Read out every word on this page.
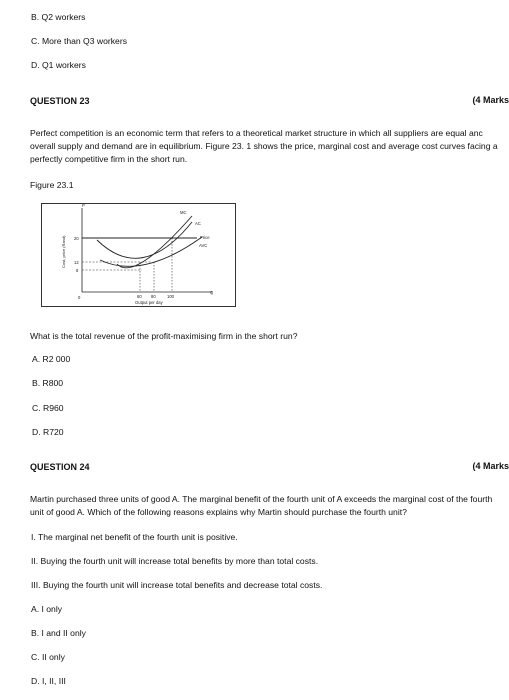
B. Q2 workers
C. More than Q3 workers
D. Q1 workers
QUESTION 23	(4 Marks
Perfect competition is an economic term that refers to a theoretical market structure in which all suppliers are equal anc
overall supply and demand are in equilibrium. Figure 23. 1 shows the price, marginal cost and average cost curves facing a
perfectly competitive firm in the short run.
Figure 23.1
Cost, price (Rand)
P
20
12
8
0	60 80	100
Q
Output per day
MC
AC
Price
AVC
What is the total revenue of the profit-maximising firm in the short run?
A. R2 000
B. R800
C. R960
D. R720
QUESTION 24	(4 Marks
Martin purchased three units of good A. The marginal benefit of the fourth unit of A exceeds the marginal cost of the fourth
unit of good A. Which of the following reasons explains why Martin should purchase the fourth unit?
I. The marginal net benefit of the fourth unit is positive.
II. Buying the fourth unit will increase total benefits by more than total costs.
III. Buying the fourth unit will increase total benefits and decrease total costs.
A. I only
B. I and II only
C. II only
D. I, II, III
